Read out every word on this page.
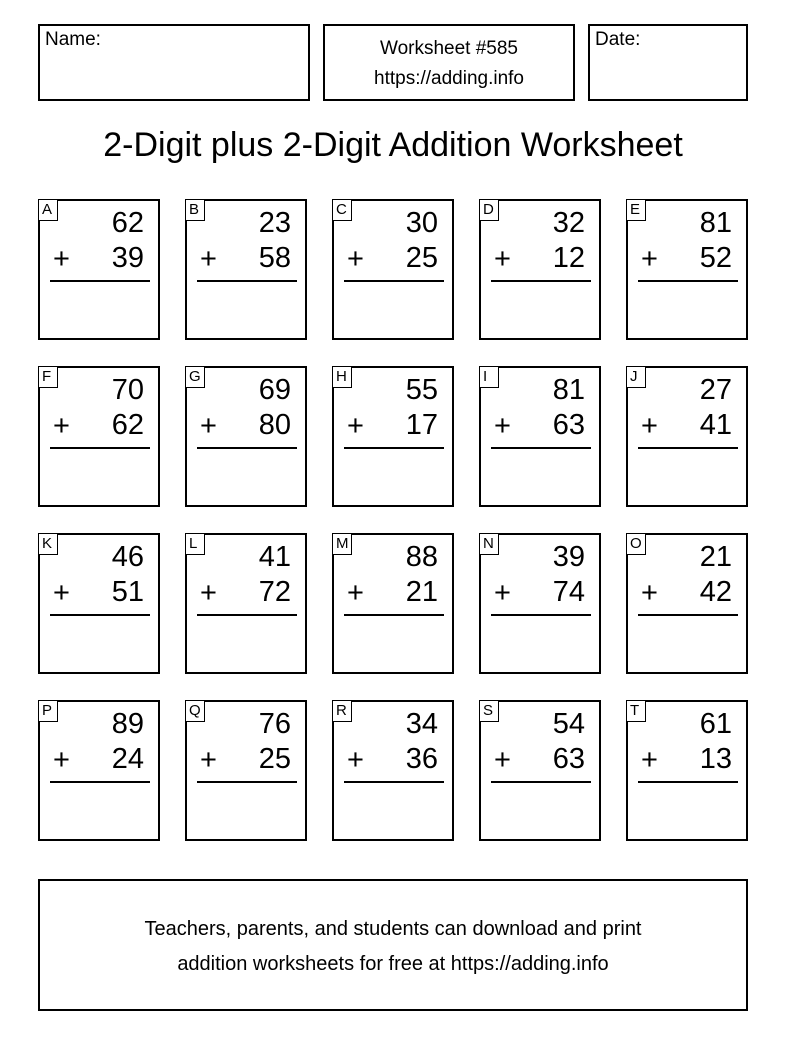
Name:	Worksheet #585
https://adding.info
Date:
2-Digit plus 2-Digit Addition Worksheet
A 62
+ 39
B 23
+ 58
C 30
+ 25
D 32
+ 12
E 81
+ 52
F 70
+ 62
G 69
+ 80
H 55
+ 17
I	81
+ 63
J 27
+ 41
K 46
+ 51
L 41
+ 72
M 88
+ 21
N 39
+ 74
O 21
+ 42
P 89
+ 24
Q 76
+ 25
R 34
+ 36
S 54
+ 63
T 61
+ 13
Teachers, parents, and students can download and print
addition worksheets for free at https://adding.info
